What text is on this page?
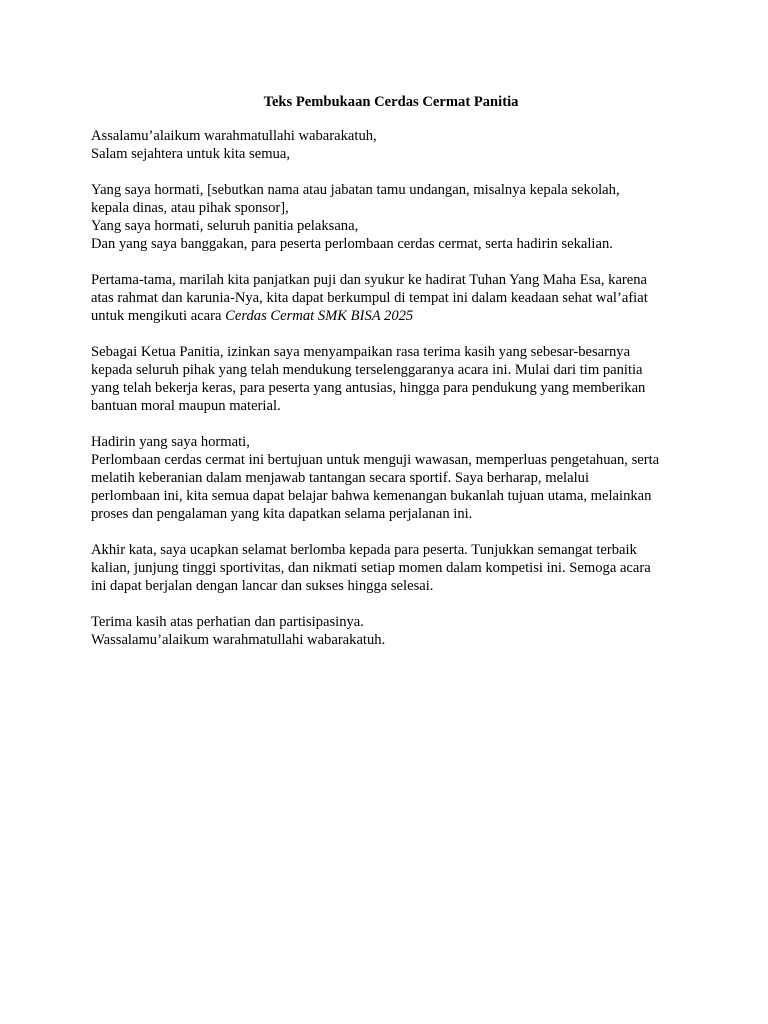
Teks Pembukaan Cerdas Cermat Panitia
Assalamu’alaikum warahmatullahi wabarakatuh,
Salam sejahtera untuk kita semua,
Yang saya hormati, [sebutkan nama atau jabatan tamu undangan, misalnya kepala sekolah,
kepala dinas, atau pihak sponsor],
Yang saya hormati, seluruh panitia pelaksana,
Dan yang saya banggakan, para peserta perlombaan cerdas cermat, serta hadirin sekalian.
Pertama-tama, marilah kita panjatkan puji dan syukur ke hadirat Tuhan Yang Maha Esa, karena
atas rahmat dan karunia-Nya, kita dapat berkumpul di tempat ini dalam keadaan sehat wal’afiat
untuk mengikuti acara Cerdas Cermat SMK BISA 2025
Sebagai Ketua Panitia, izinkan saya menyampaikan rasa terima kasih yang sebesar-besarnya
kepada seluruh pihak yang telah mendukung terselenggaranya acara ini. Mulai dari tim panitia
yang telah bekerja keras, para peserta yang antusias, hingga para pendukung yang memberikan
bantuan moral maupun material.
Hadirin yang saya hormati,
Perlombaan cerdas cermat ini bertujuan untuk menguji wawasan, memperluas pengetahuan, serta
melatih keberanian dalam menjawab tantangan secara sportif. Saya berharap, melalui
perlombaan ini, kita semua dapat belajar bahwa kemenangan bukanlah tujuan utama, melainkan
proses dan pengalaman yang kita dapatkan selama perjalanan ini.
Akhir kata, saya ucapkan selamat berlomba kepada para peserta. Tunjukkan semangat terbaik
kalian, junjung tinggi sportivitas, dan nikmati setiap momen dalam kompetisi ini. Semoga acara
ini dapat berjalan dengan lancar dan sukses hingga selesai.
Terima kasih atas perhatian dan partisipasinya.
Wassalamu’alaikum warahmatullahi wabarakatuh.
